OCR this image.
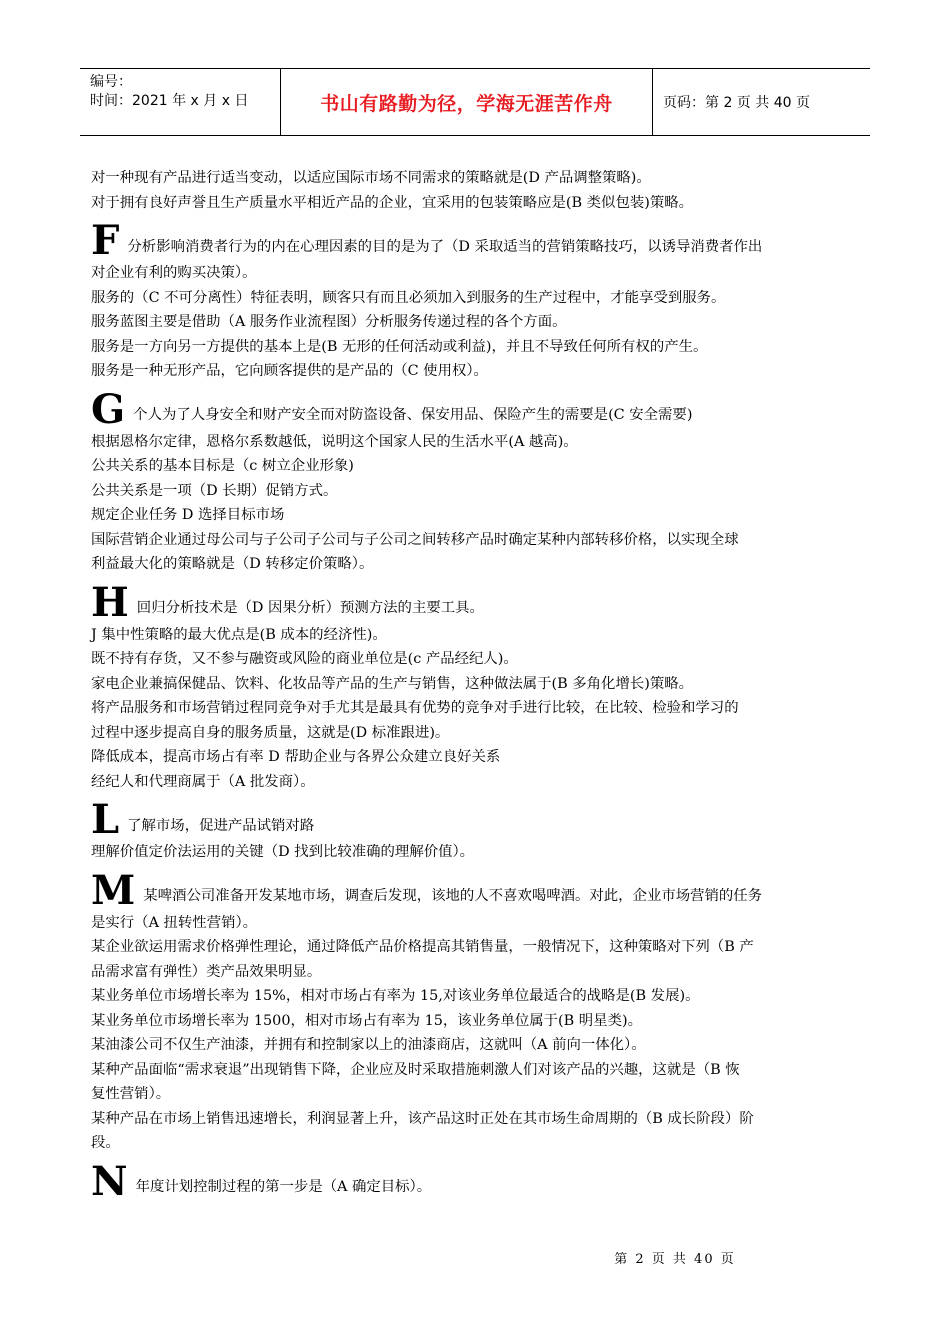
编号：
时间：2021 年 x 月 x 日	书山有路勤为径，学海无涯苦作舟	页码：第 2 页 共 40 页

对一种现有产品进行适当变动，以适应国际市场不同需求的策略就是(D 产品调整策略)。

对于拥有良好声誉且生产质量水平相近产品的企业，宜采用的包装策略应是(B 类似包装)策略。

F 分析影响消费者行为的内在心理因素的目的是为了（D 采取适当的营销策略技巧，以诱导消费者作出

对企业有利的购买决策）。

服务的（C 不可分离性）特征表明，顾客只有而且必须加入到服务的生产过程中，才能享受到服务。

服务蓝图主要是借助（A 服务作业流程图）分析服务传递过程的各个方面。

服务是一方向另一方提供的基本上是(B 无形的任何活动或利益)，并且不导致任何所有权的产生。

服务是一种无形产品，它向顾客提供的是产品的（C 使用权）。

G 个人为了人身安全和财产安全而对防盗设备、保安用品、保险产生的需要是(C 安全需要)

根据恩格尔定律，恩格尔系数越低，说明这个国家人民的生活水平(A 越高)。

公共关系的基本目标是（c 树立企业形象)

公共关系是一项（D 长期）促销方式。

规定企业任务 D 选择目标市场

国际营销企业通过母公司与子公司子公司与子公司之间转移产品时确定某种内部转移价格，以实现全球

利益最大化的策略就是（D 转移定价策略）。

H 回归分析技术是（D 因果分析）预测方法的主要工具。

J 集中性策略的最大优点是(B 成本的经济性)。

既不持有存货，又不参与融资或风险的商业单位是(c 产品经纪人)。

家电企业兼搞保健品、饮料、化妆品等产品的生产与销售，这种做法属于(B 多角化增长)策略。

将产品服务和市场营销过程同竞争对手尤其是最具有优势的竞争对手进行比较，在比较、检验和学习的

过程中逐步提高自身的服务质量，这就是(D 标准跟进)。

降低成本，提高市场占有率 D 帮助企业与各界公众建立良好关系

经纪人和代理商属于（A 批发商）。

L 了解市场，促进产品试销对路

理解价值定价法运用的关键（D 找到比较准确的理解价值）。

M 某啤酒公司准备开发某地市场，调查后发现，该地的人不喜欢喝啤酒。对此，企业市场营销的任务

是实行（A 扭转性营销）。

某企业欲运用需求价格弹性理论，通过降低产品价格提高其销售量，一般情况下，这种策略对下列（B 产

品需求富有弹性）类产品效果明显。

某业务单位市场增长率为 15%，相对市场占有率为 15,对该业务单位最适合的战略是(B 发展)。

某业务单位市场增长率为 1500，相对市场占有率为 15，该业务单位属于(B 明星类)。

某油漆公司不仅生产油漆，并拥有和控制家以上的油漆商店，这就叫（A 前向一体化）。

某种产品面临“需求衰退”出现销售下降，企业应及时采取措施刺激人们对该产品的兴趣，这就是（B 恢

复性营销）。

某种产品在市场上销售迅速增长，利润显著上升，该产品这时正处在其市场生命周期的（B 成长阶段）阶

段。

N 年度计划控制过程的第一步是（A 确定目标）。
第 2 页 共 40 页
